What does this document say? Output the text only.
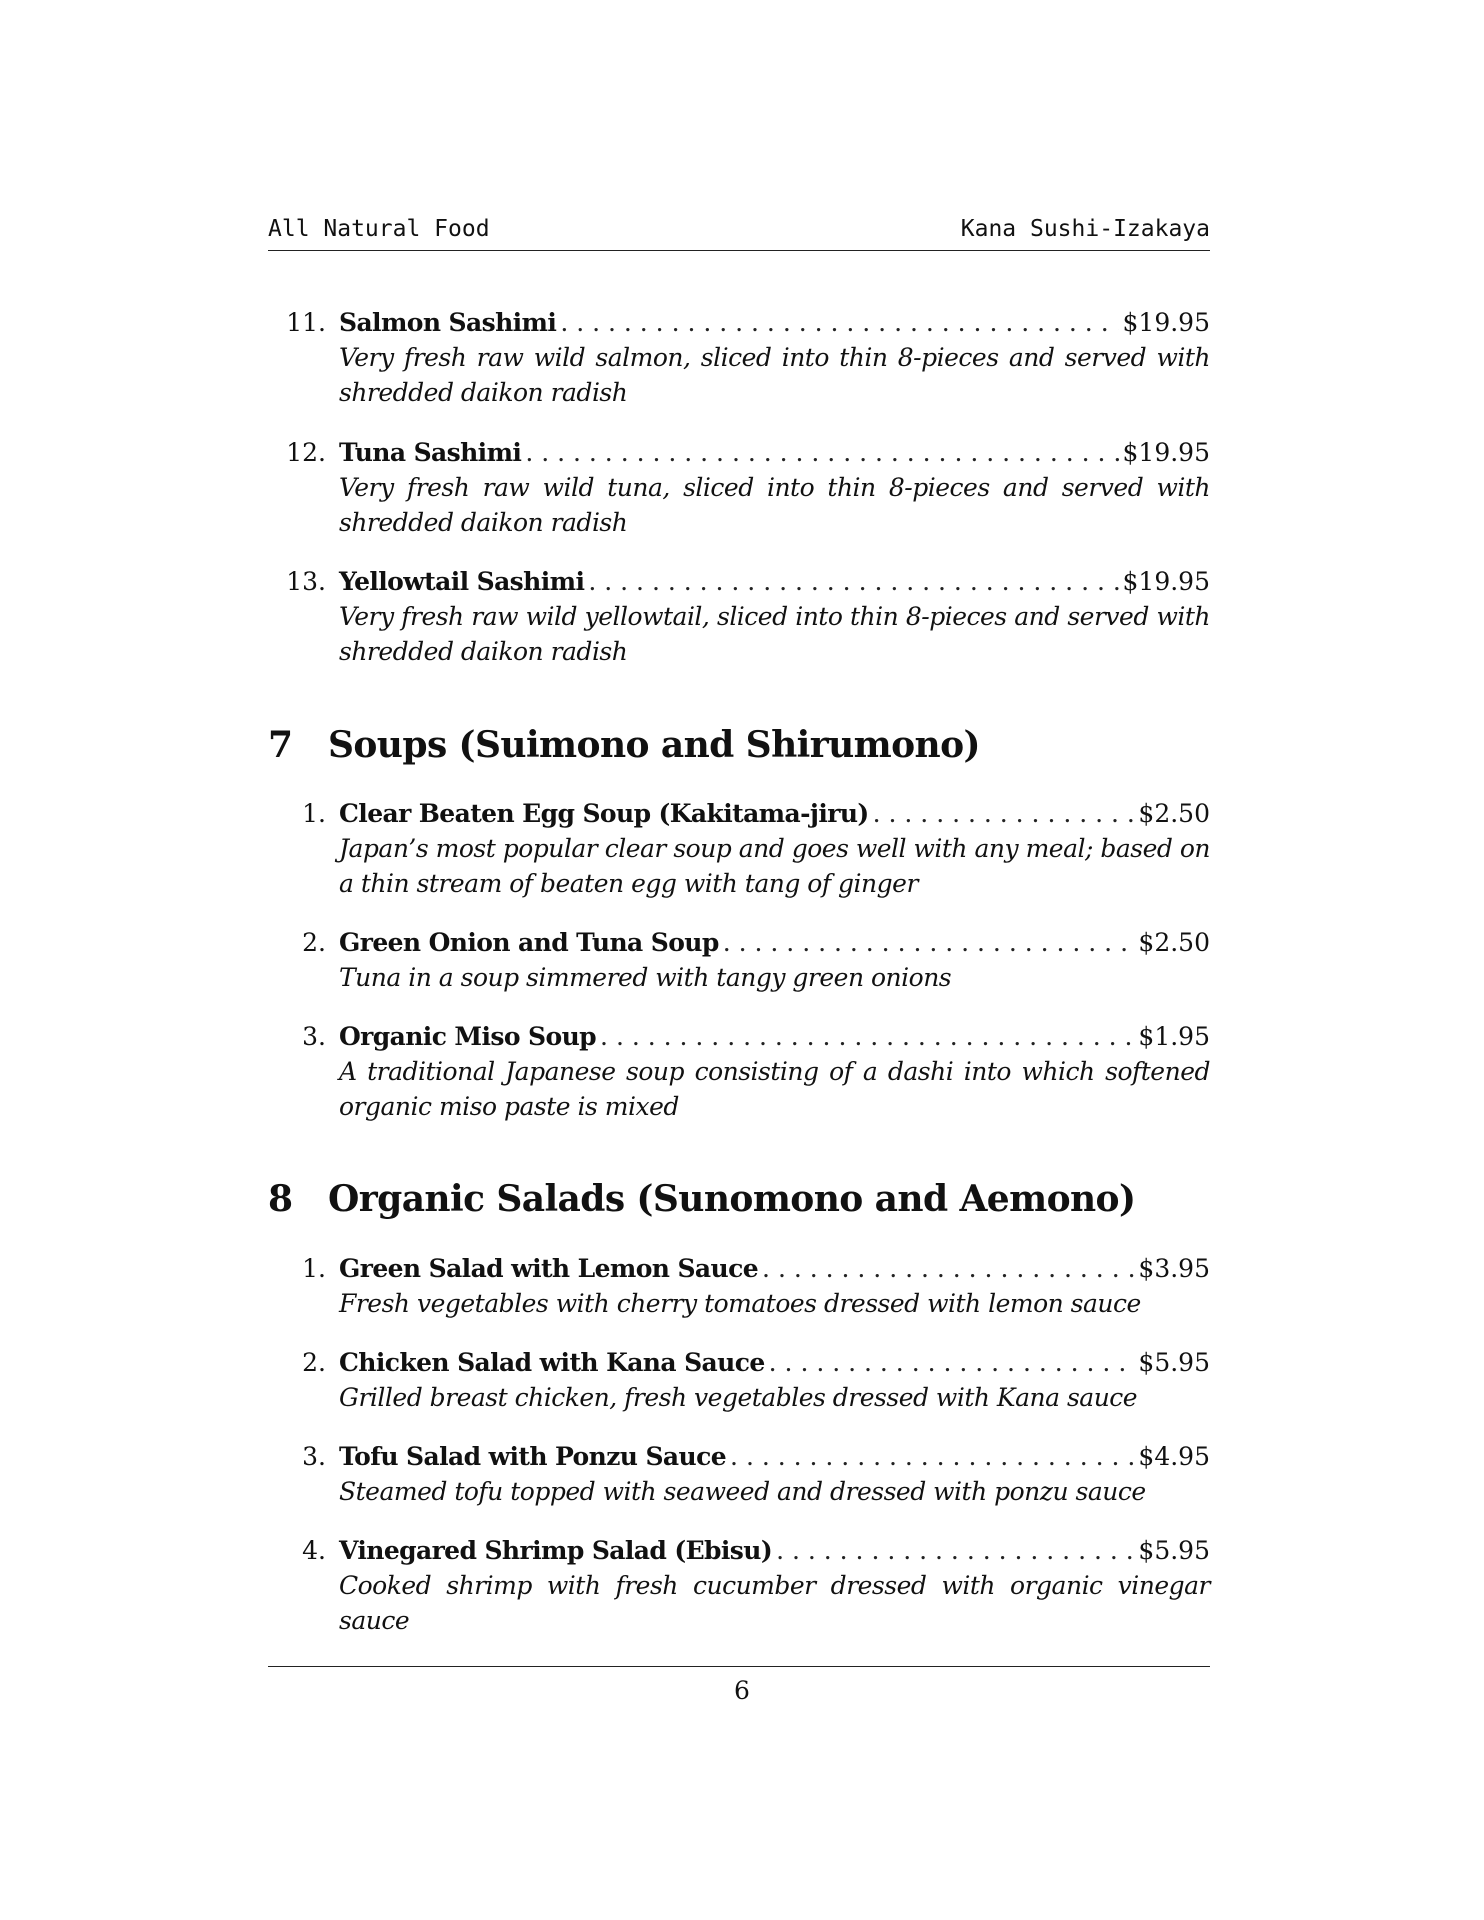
All Natural Food	Kana Sushi-Izakaya
11. Salmon Sashimi . . .	$19.95
Very fresh raw wild salmon, sliced into thin 8-pieces and served with shredded daikon radish
12. Tuna Sashimi . . .	$19.95
Very fresh raw wild tuna, sliced into thin 8-pieces and served with shredded daikon radish
13. Yellowtail Sashimi . . .	$19.95
Very fresh raw wild yellowtail, sliced into thin 8-pieces and served with shredded daikon radish
7 Soups (Suimono and Shirumono)
1. Clear Beaten Egg Soup (Kakitama-jiru) . . .	$2.50
Japan’s most popular clear soup and goes well with any meal; based on a thin stream of beaten egg with tang of ginger
2. Green Onion and Tuna Soup . . .	$2.50
Tuna in a soup simmered with tangy green onions
3. Organic Miso Soup . . .	$1.95
A traditional Japanese soup consisting of a dashi into which softened organic miso paste is mixed
8 Organic Salads (Sunomono and Aemono)
1. Green Salad with Lemon Sauce . . .	$3.95
Fresh vegetables with cherry tomatoes dressed with lemon sauce
2. Chicken Salad with Kana Sauce . . .	$5.95
Grilled breast chicken, fresh vegetables dressed with Kana sauce
3. Tofu Salad with Ponzu Sauce . . .	$4.95
Steamed tofu topped with seaweed and dressed with ponzu sauce
4. Vinegared Shrimp Salad (Ebisu) . . .	$5.95
Cooked shrimp with fresh cucumber dressed with organic vinegar sauce
6
